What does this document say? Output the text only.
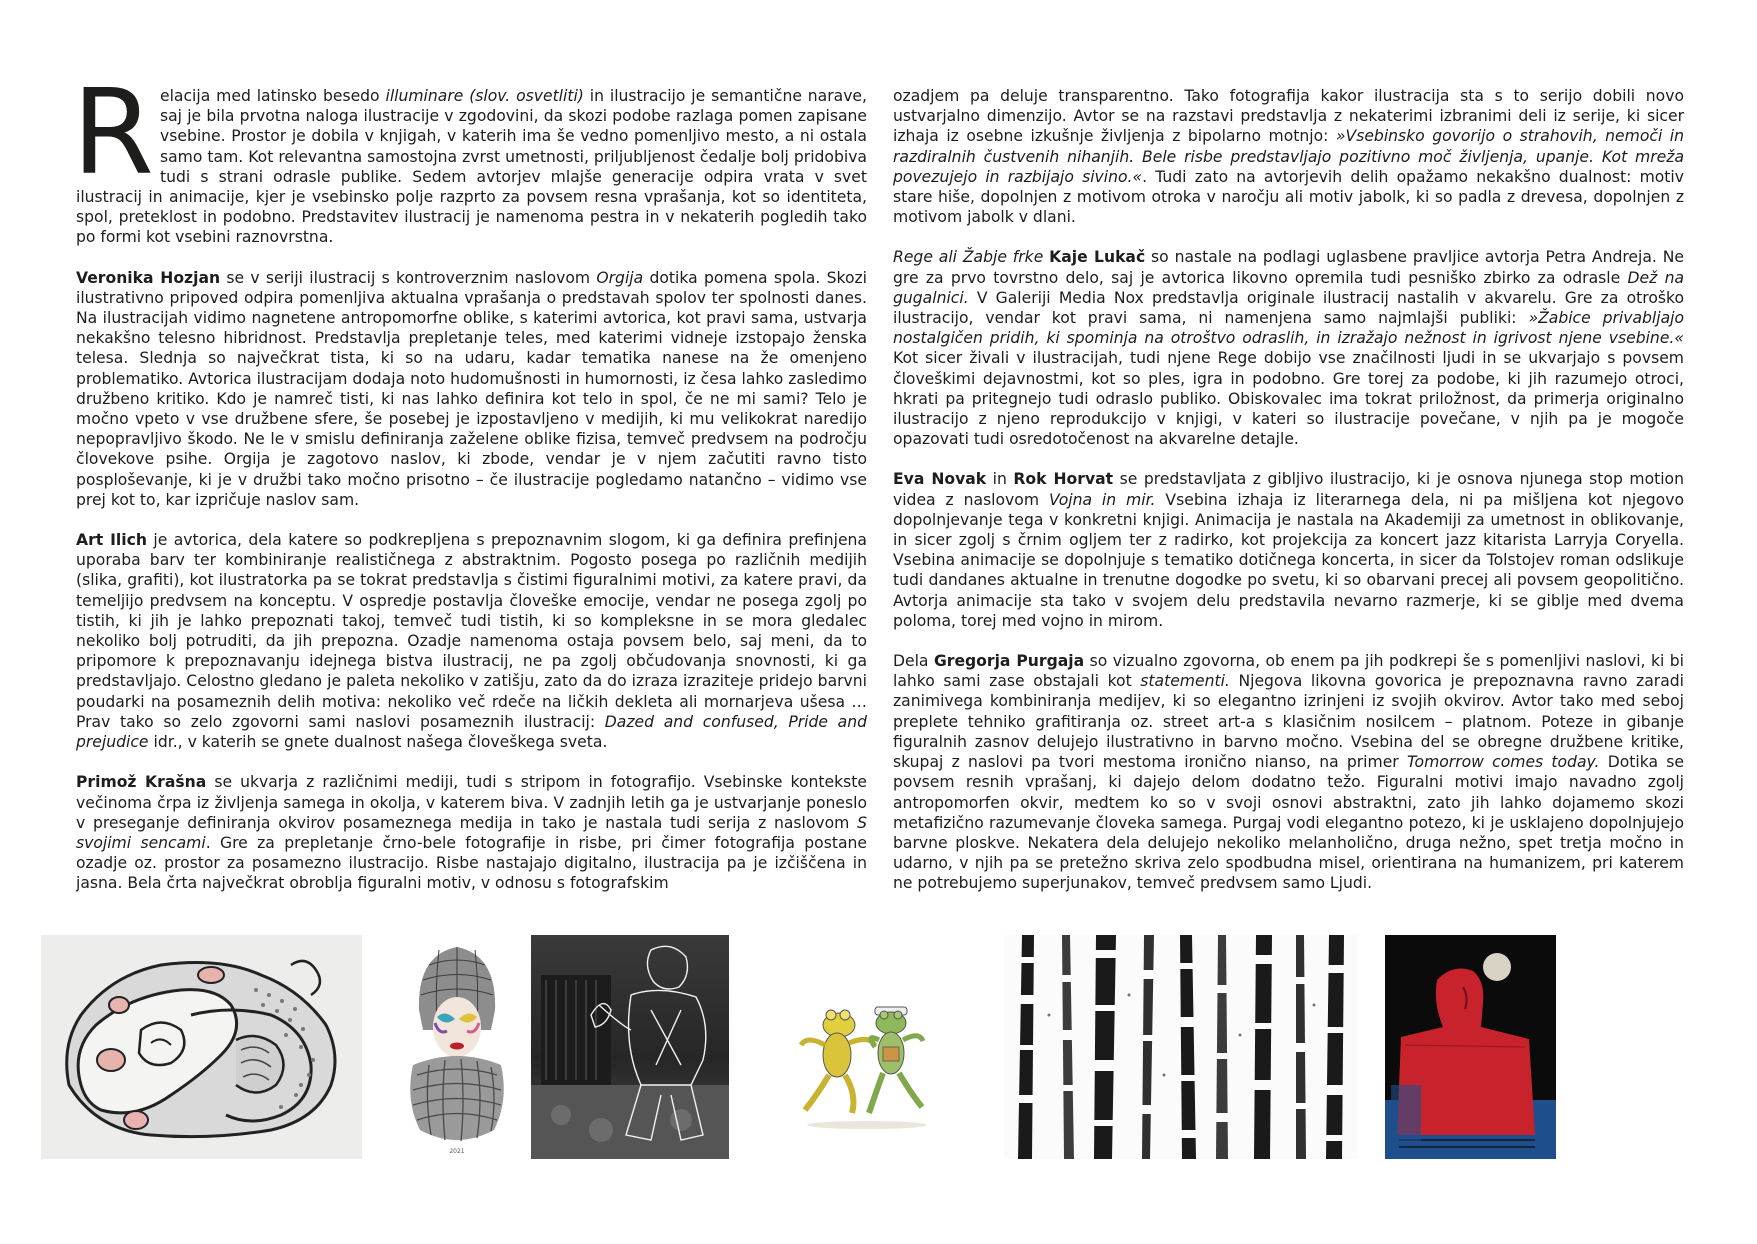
Relacija med latinsko besedo illuminare (slov. osvetliti) in ilustracijo je semantične narave, saj je bila prvotna naloga ilustracije v zgodovini, da skozi podobe razlaga pomen zapisane vsebine. Prostor je dobila v knjigah, v katerih ima še vedno pomenljivo mesto, a ni ostala samo tam. Kot relevantna samostojna zvrst umetnosti, priljubljenost čedalje bolj pridobiva tudi s strani odrasle publike. Sedem avtorjev mlajše generacije odpira vrata v svet ilustracij in animacije, kjer je vsebinsko polje razprto za povsem resna vprašanja, kot so identiteta, spol, preteklost in podobno. Predstavitev ilustracij je namenoma pestra in v nekaterih pogledih tako po formi kot vsebini raznovrstna.

Veronika Hozjan se v seriji ilustracij s kontroverznim naslovom Orgija dotika pomena spola. Skozi ilustrativno pripoved odpira pomenljiva aktualna vprašanja o predstavah spolov ter spolnosti danes. Na ilustracijah vidimo nagnetene antropomorfne oblike, s katerimi avtorica, kot pravi sama, ustvarja nekakšno telesno hibridnost. Predstavlja prepletanje teles, med katerimi vidneje izstopajo ženska telesa. Slednja so največkrat tista, ki so na udaru, kadar tematika nanese na že omenjeno problematiko. Avtorica ilustracijam dodaja noto hudomušnosti in humornosti, iz česa lahko zasledimo družbeno kritiko. Kdo je namreč tisti, ki nas lahko definira kot telo in spol, če ne mi sami? Telo je močno vpeto v vse družbene sfere, še posebej je izpostavljeno v medijih, ki mu velikokrat naredijo nepopravljivo škodo. Ne le v smislu definiranja zaželene oblike fizisa, temveč predvsem na področju človekove psihe. Orgija je zagotovo naslov, ki zbode, vendar je v njem začutiti ravno tisto posploševanje, ki je v družbi tako močno prisotno – če ilustracije pogledamo natančno – vidimo vse prej kot to, kar izpričuje naslov sam.

Art Ilich je avtorica, dela katere so podkrepljena s prepoznavnim slogom, ki ga definira prefinjena uporaba barv ter kombiniranje realističnega z abstraktnim. Pogosto posega po različnih medijih (slika, grafiti), kot ilustratorka pa se tokrat predstavlja s čistimi figuralnimi motivi, za katere pravi, da temeljijo predvsem na konceptu. V ospredje postavlja človeške emocije, vendar ne posega zgolj po tistih, ki jih je lahko prepoznati takoj, temveč tudi tistih, ki so kompleksne in se mora gledalec nekoliko bolj potruditi, da jih prepozna. Ozadje namenoma ostaja povsem belo, saj meni, da to pripomore k prepoznavanju idejnega bistva ilustracij, ne pa zgolj občudovanja snovnosti, ki ga predstavljajo. Celostno gledano je paleta nekoliko v zatišju, zato da do izraza izraziteje pridejo barvni poudarki na posameznih delih motiva: nekoliko več rdeče na ličkih dekleta ali mornarjeva ušesa … Prav tako so zelo zgovorni sami naslovi posameznih ilustracij: Dazed and confused, Pride and prejudice idr., v katerih se gnete dualnost našega človeškega sveta.

Primož Krašna se ukvarja z različnimi mediji, tudi s stripom in fotografijo. Vsebinske kontekste večinoma črpa iz življenja samega in okolja, v katerem biva. V zadnjih letih ga je ustvarjanje poneslo v preseganje definiranja okvirov posameznega medija in tako je nastala tudi serija z naslovom S svojimi sencami. Gre za prepletanje črno-bele fotografije in risbe, pri čimer fotografija postane ozadje oz. prostor za posamezno ilustracijo. Risbe nastajajo digitalno, ilustracija pa je izčiščena in jasna. Bela črta največkrat obroblja figuralni motiv, v odnosu s fotografskim

ozadjem pa deluje transparentno. Tako fotografija kakor ilustracija sta s to serijo dobili novo ustvarjalno dimenzijo. Avtor se na razstavi predstavlja z nekaterimi izbranimi deli iz serije, ki sicer izhaja iz osebne izkušnje življenja z bipolarno motnjo: »Vsebinsko govorijo o strahovih, nemoči in razdiralnih čustvenih nihanjih. Bele risbe predstavljajo pozitivno moč življenja, upanje. Kot mreža povezujejo in razbijajo sivino.«. Tudi zato na avtorjevih delih opažamo nekakšno dualnost: motiv stare hiše, dopolnjen z motivom otroka v naročju ali motiv jabolk, ki so padla z drevesa, dopolnjen z motivom jabolk v dlani.

Rege ali Žabje frke Kaje Lukač so nastale na podlagi uglasbene pravljice avtorja Petra Andreja. Ne gre za prvo tovrstno delo, saj je avtorica likovno opremila tudi pesniško zbirko za odrasle Dež na gugalnici. V Galeriji Media Nox predstavlja originale ilustracij nastalih v akvarelu. Gre za otroško ilustracijo, vendar kot pravi sama, ni namenjena samo najmlajši publiki: »Žabice privabljajo nostalgičen pridih, ki spominja na otroštvo odraslih, in izražajo nežnost in igrivost njene vsebine.« Kot sicer živali v ilustracijah, tudi njene Rege dobijo vse značilnosti ljudi in se ukvarjajo s povsem človeškimi dejavnostmi, kot so ples, igra in podobno. Gre torej za podobe, ki jih razumejo otroci, hkrati pa pritegnejo tudi odraslo publiko. Obiskovalec ima tokrat priložnost, da primerja originalno ilustracijo z njeno reprodukcijo v knjigi, v kateri so ilustracije povečane, v njih pa je mogoče opazovati tudi osredotočenost na akvarelne detajle.

Eva Novak in Rok Horvat se predstavljata z gibljivo ilustracijo, ki je osnova njunega stop motion videa z naslovom Vojna in mir. Vsebina izhaja iz literarnega dela, ni pa mišljena kot njegovo dopolnjevanje tega v konkretni knjigi. Animacija je nastala na Akademiji za umetnost in oblikovanje, in sicer zgolj s črnim ogljem ter z radirko, kot projekcija za koncert jazz kitarista Larryja Coryella. Vsebina animacije se dopolnjuje s tematiko dotičnega koncerta, in sicer da Tolstojev roman odslikuje tudi dandanes aktualne in trenutne dogodke po svetu, ki so obarvani precej ali povsem geopolitično. Avtorja animacije sta tako v svojem delu predstavila nevarno razmerje, ki se giblje med dvema poloma, torej med vojno in mirom.

Dela Gregorja Purgaja so vizualno zgovorna, ob enem pa jih podkrepi še s pomenljivi naslovi, ki bi lahko sami zase obstajali kot statementi. Njegova likovna govorica je prepoznavna ravno zaradi zanimivega kombiniranja medijev, ki so elegantno izrinjeni iz svojih okvirov. Avtor tako med seboj preplete tehniko grafitiranja oz. street art-a s klasičnim nosilcem – platnom. Poteze in gibanje figuralnih zasnov delujejo ilustrativno in barvno močno. Vsebina del se obregne družbene kritike, skupaj z naslovi pa tvori mestoma ironično nianso, na primer Tomorrow comes today. Dotika se povsem resnih vprašanj, ki dajejo delom dodatno težo. Figuralni motivi imajo navadno zgolj antropomorfen okvir, medtem ko so v svoji osnovi abstraktni, zato jih lahko dojamemo skozi metafizično razumevanje človeka samega. Purgaj vodi elegantno potezo, ki je usklajeno dopolnjujejo barvne ploskve. Nekatera dela delujejo nekoliko melanholično, druga nežno, spet tretja močno in udarno, v njih pa se pretežno skriva zelo spodbudna misel, orientirana na humanizem, pri katerem ne potrebujemo superjunakov, temveč predvsem samo Ljudi.

2021
